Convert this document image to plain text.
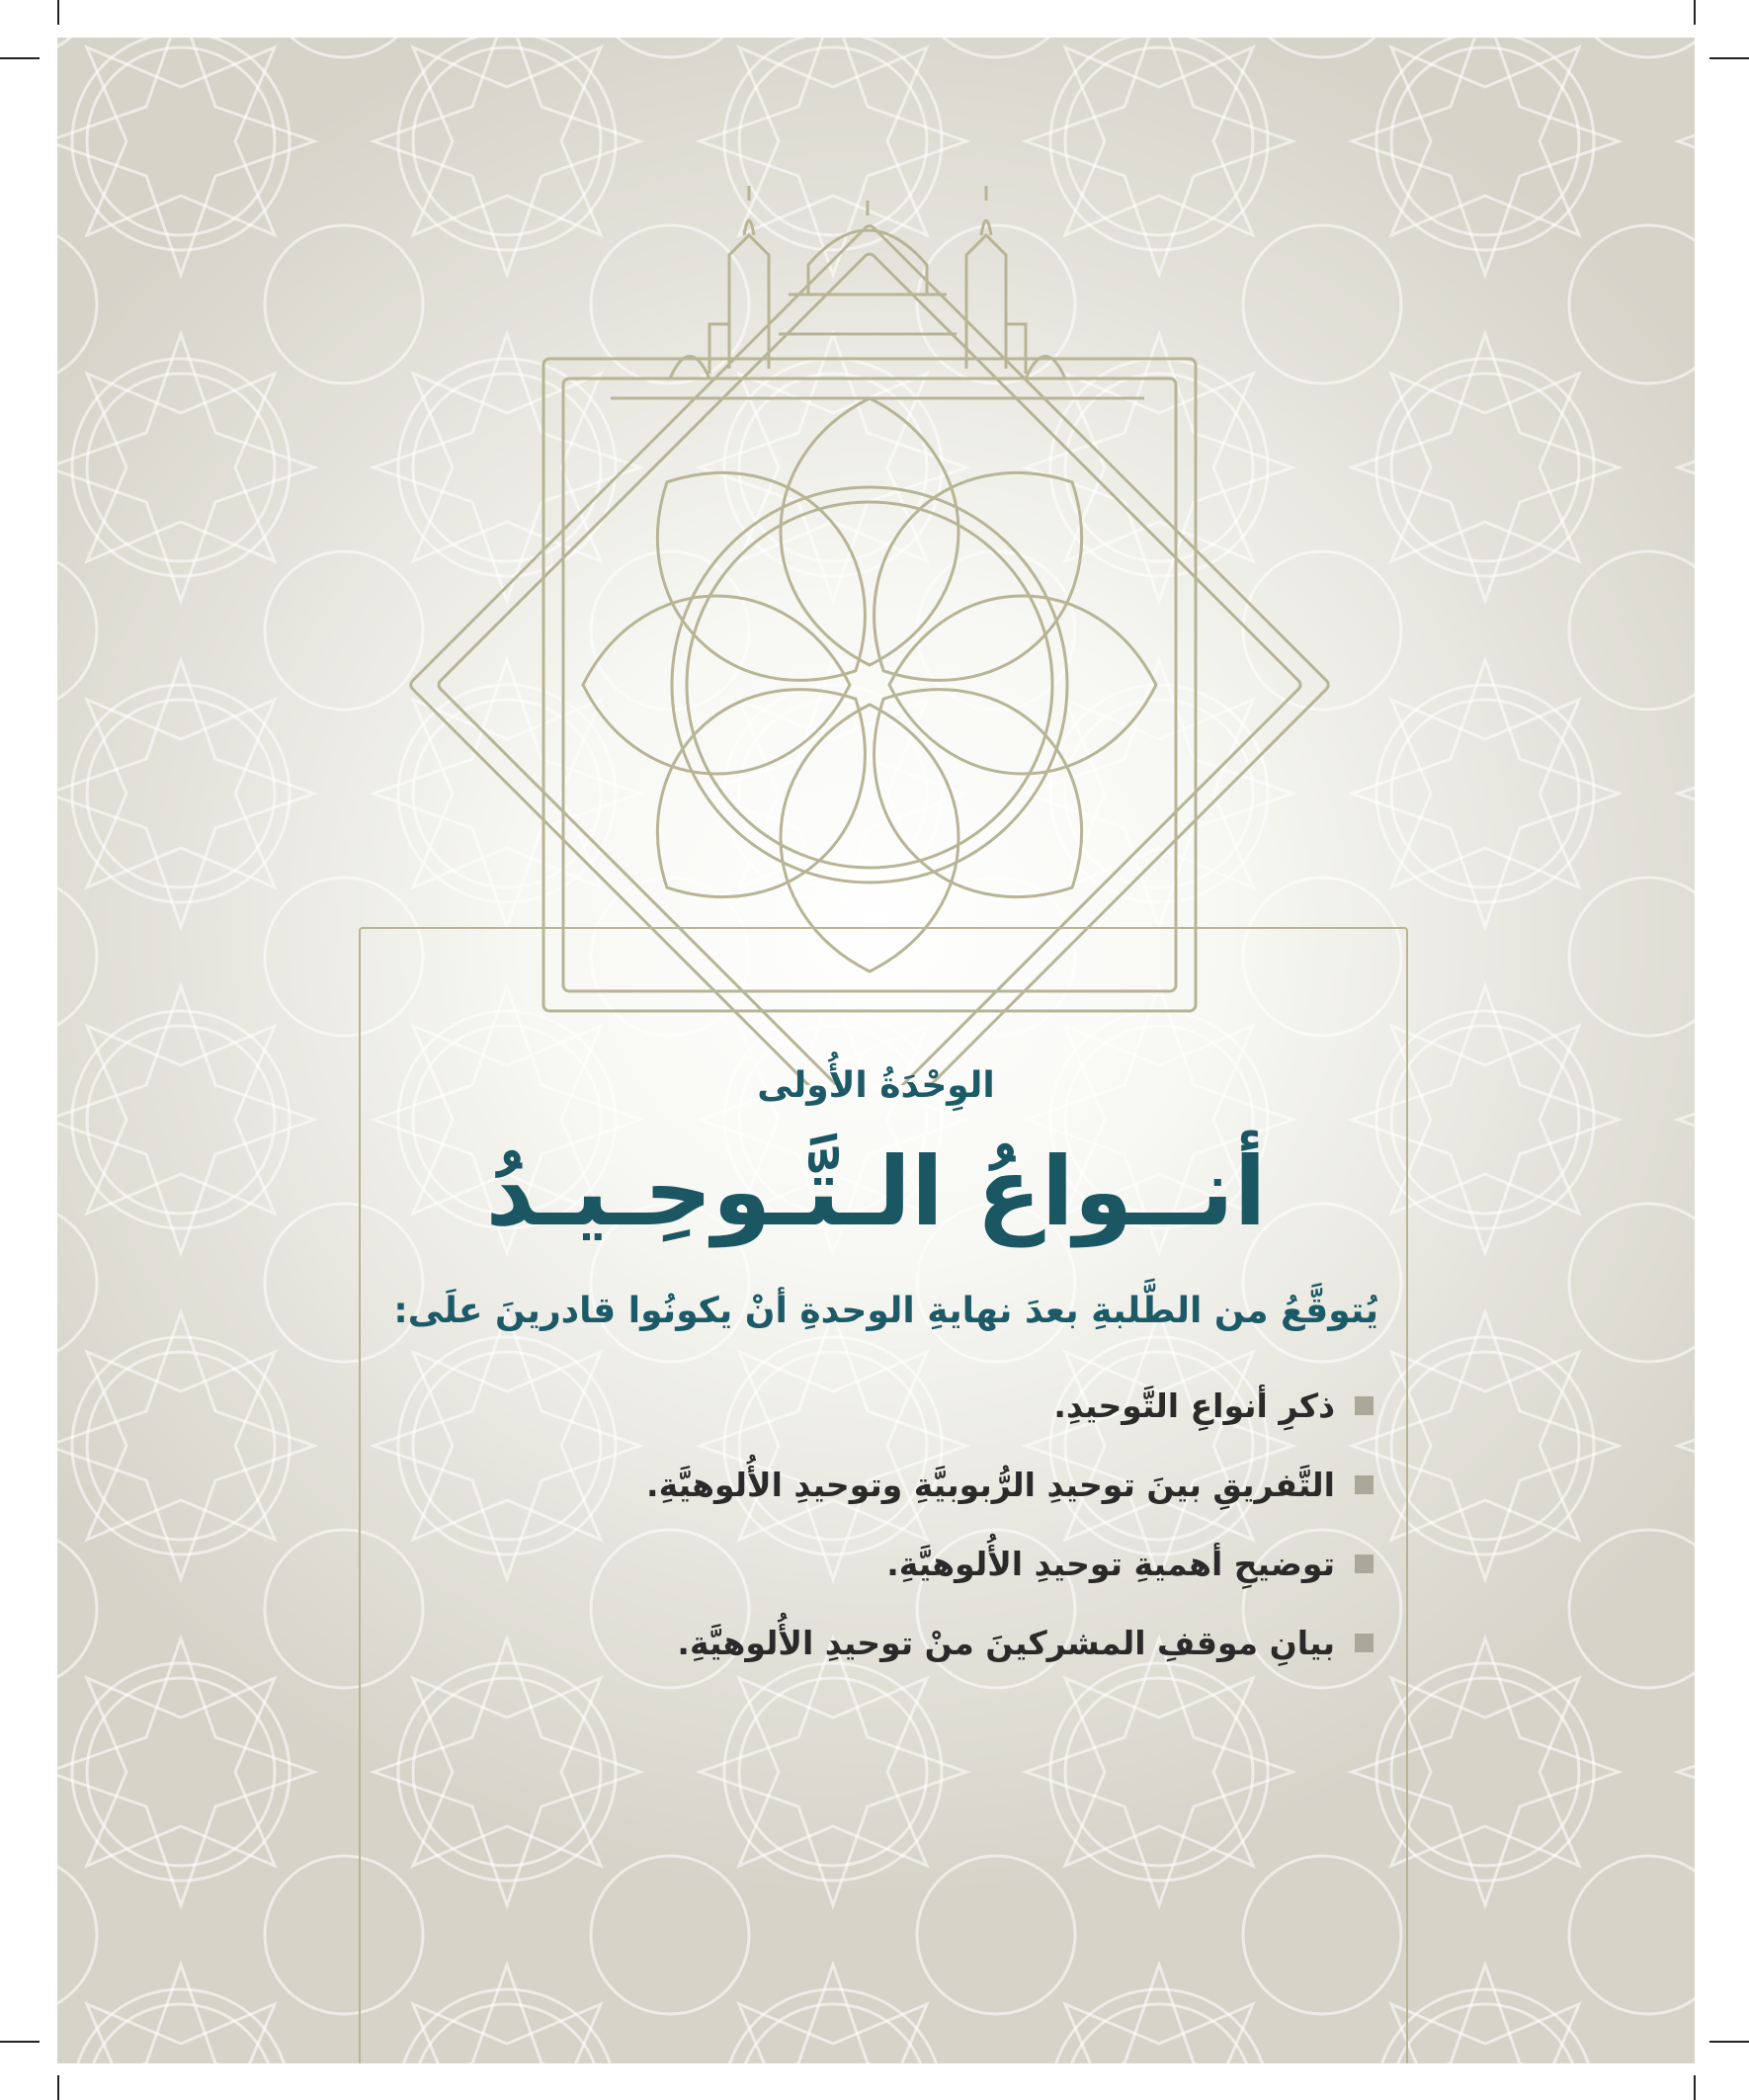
الوِحْدَةُ الأُولى
أنــواعُ الـتَّـوحِـيـدُ
يُتوقَّعُ من الطَّلبةِ بعدَ نهايةِ الوحدةِ أنْ يكونُوا قادرينَ علَى:
ذكرِ أنواعِ التَّوحيدِ.
التَّفريقِ بينَ توحيدِ الرُّبوبيَّةِ وتوحيدِ الأُلوهيَّةِ.
توضيحِ أهميةِ توحيدِ الأُلوهيَّةِ.
بيانِ موقفِ المشركينَ منْ توحيدِ الأُلوهيَّةِ.
